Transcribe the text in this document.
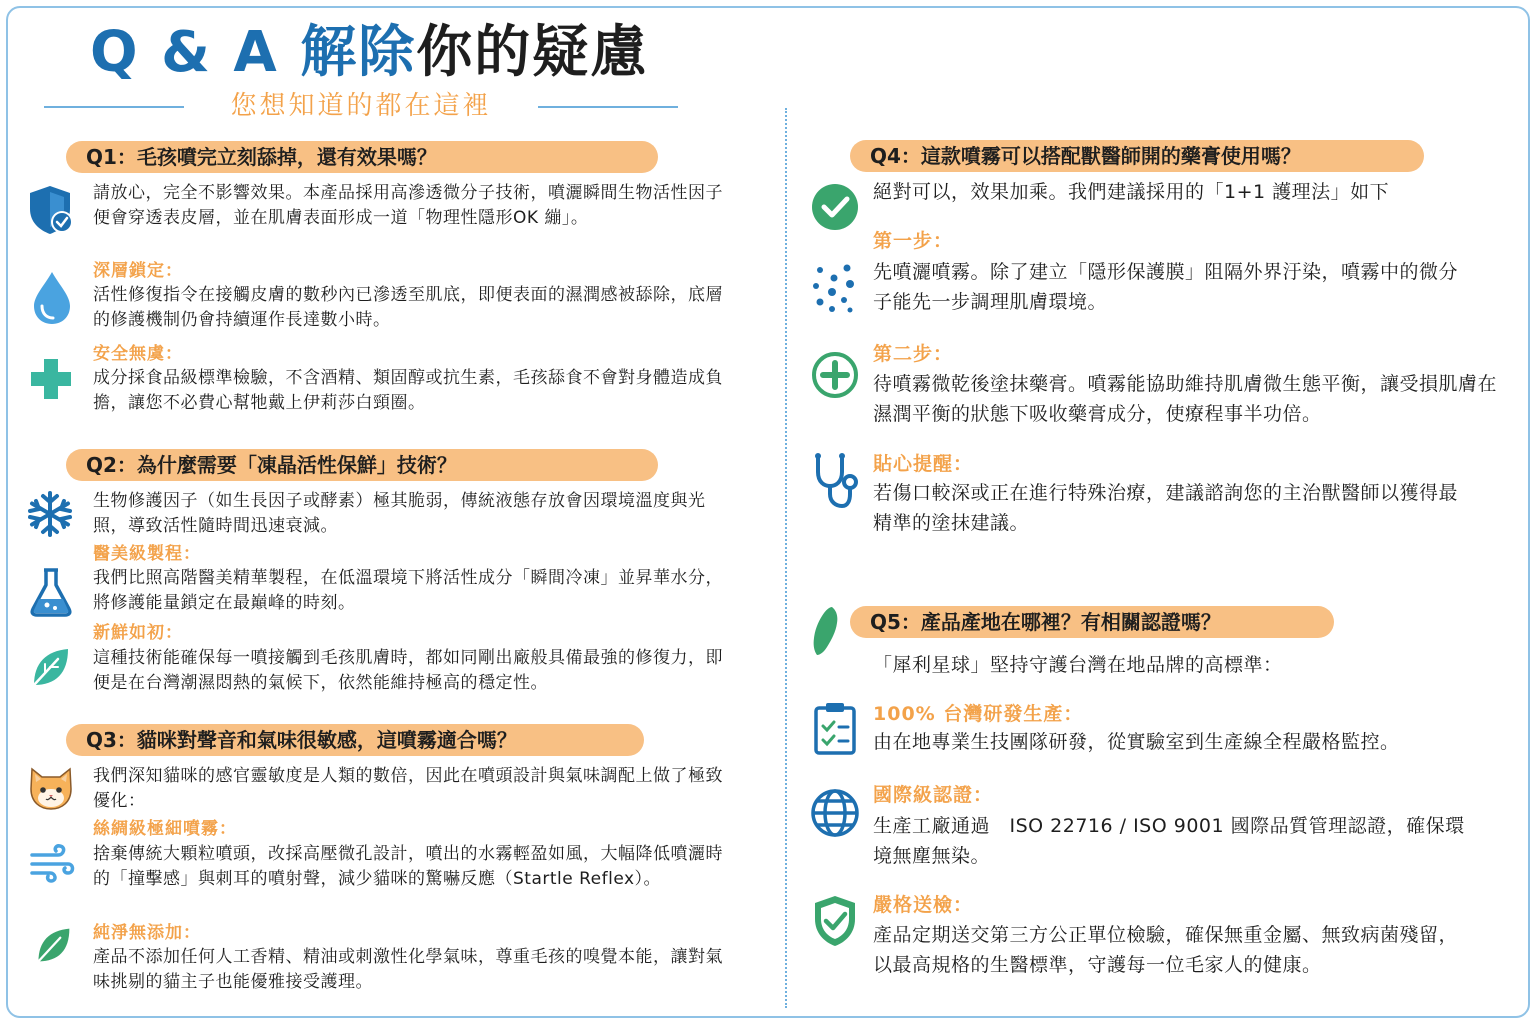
Q & A 解除你的疑慮
您想知道的都在這裡
Q1：毛孩噴完立刻舔掉，還有效果嗎？
請放心，完全不影響效果。本產品採用高滲透微分子技術，噴灑瞬間生物活性因子便會穿透表皮層，並在肌膚表面形成一道「物理性隱形OK 繃」。
深層鎖定：
活性修復指令在接觸皮膚的數秒內已滲透至肌底，即便表面的濕潤感被舔除，底層的修護機制仍會持續運作長達數小時。
安全無虞：
成分採食品級標準檢驗，不含酒精、類固醇或抗生素，毛孩舔食不會對身體造成負擔，讓您不必費心幫牠戴上伊莉莎白頸圈。
Q2：為什麼需要「凍晶活性保鮮」技術？
生物修護因子（如生長因子或酵素）極其脆弱，傳統液態存放會因環境溫度與光照，導致活性隨時間迅速衰減。
醫美級製程：
我們比照高階醫美精華製程，在低溫環境下將活性成分「瞬間冷凍」並昇華水分，將修護能量鎖定在最巔峰的時刻。
新鮮如初：
這種技術能確保每一噴接觸到毛孩肌膚時，都如同剛出廠般具備最強的修復力，即便是在台灣潮濕悶熱的氣候下，依然能維持極高的穩定性。
Q3：貓咪對聲音和氣味很敏感，這噴霧適合嗎？
我們深知貓咪的感官靈敏度是人類的數倍，因此在噴頭設計與氣味調配上做了極致優化：
絲綢級極細噴霧：
捨棄傳統大顆粒噴頭，改採高壓微孔設計，噴出的水霧輕盈如風，大幅降低噴灑時的「撞擊感」與刺耳的噴射聲，減少貓咪的驚嚇反應（Startle Reflex）。
純淨無添加：
產品不添加任何人工香精、精油或刺激性化學氣味，尊重毛孩的嗅覺本能，讓對氣味挑剔的貓主子也能優雅接受護理。
Q4：這款噴霧可以搭配獸醫師開的藥膏使用嗎？
絕對可以，效果加乘。我們建議採用的「1+1 護理法」如下
第一步：
先噴灑噴霧。除了建立「隱形保護膜」阻隔外界汙染，噴霧中的微分子能先一步調理肌膚環境。
第二步：
待噴霧微乾後塗抹藥膏。噴霧能協助維持肌膚微生態平衡，讓受損肌膚在濕潤平衡的狀態下吸收藥膏成分，使療程事半功倍。
貼心提醒：
若傷口較深或正在進行特殊治療，建議諮詢您的主治獸醫師以獲得最精準的塗抹建議。
Q5：產品產地在哪裡？有相關認證嗎？
「犀利星球」堅持守護台灣在地品牌的高標準：
100% 台灣研發生產：
由在地專業生技團隊研發，從實驗室到生產線全程嚴格監控。
國際級認證：
生產工廠通過　ISO 22716 / ISO 9001 國際品質管理認證，確保環境無塵無染。
嚴格送檢：
產品定期送交第三方公正單位檢驗，確保無重金屬、無致病菌殘留，以最高規格的生醫標準，守護每一位毛家人的健康。
